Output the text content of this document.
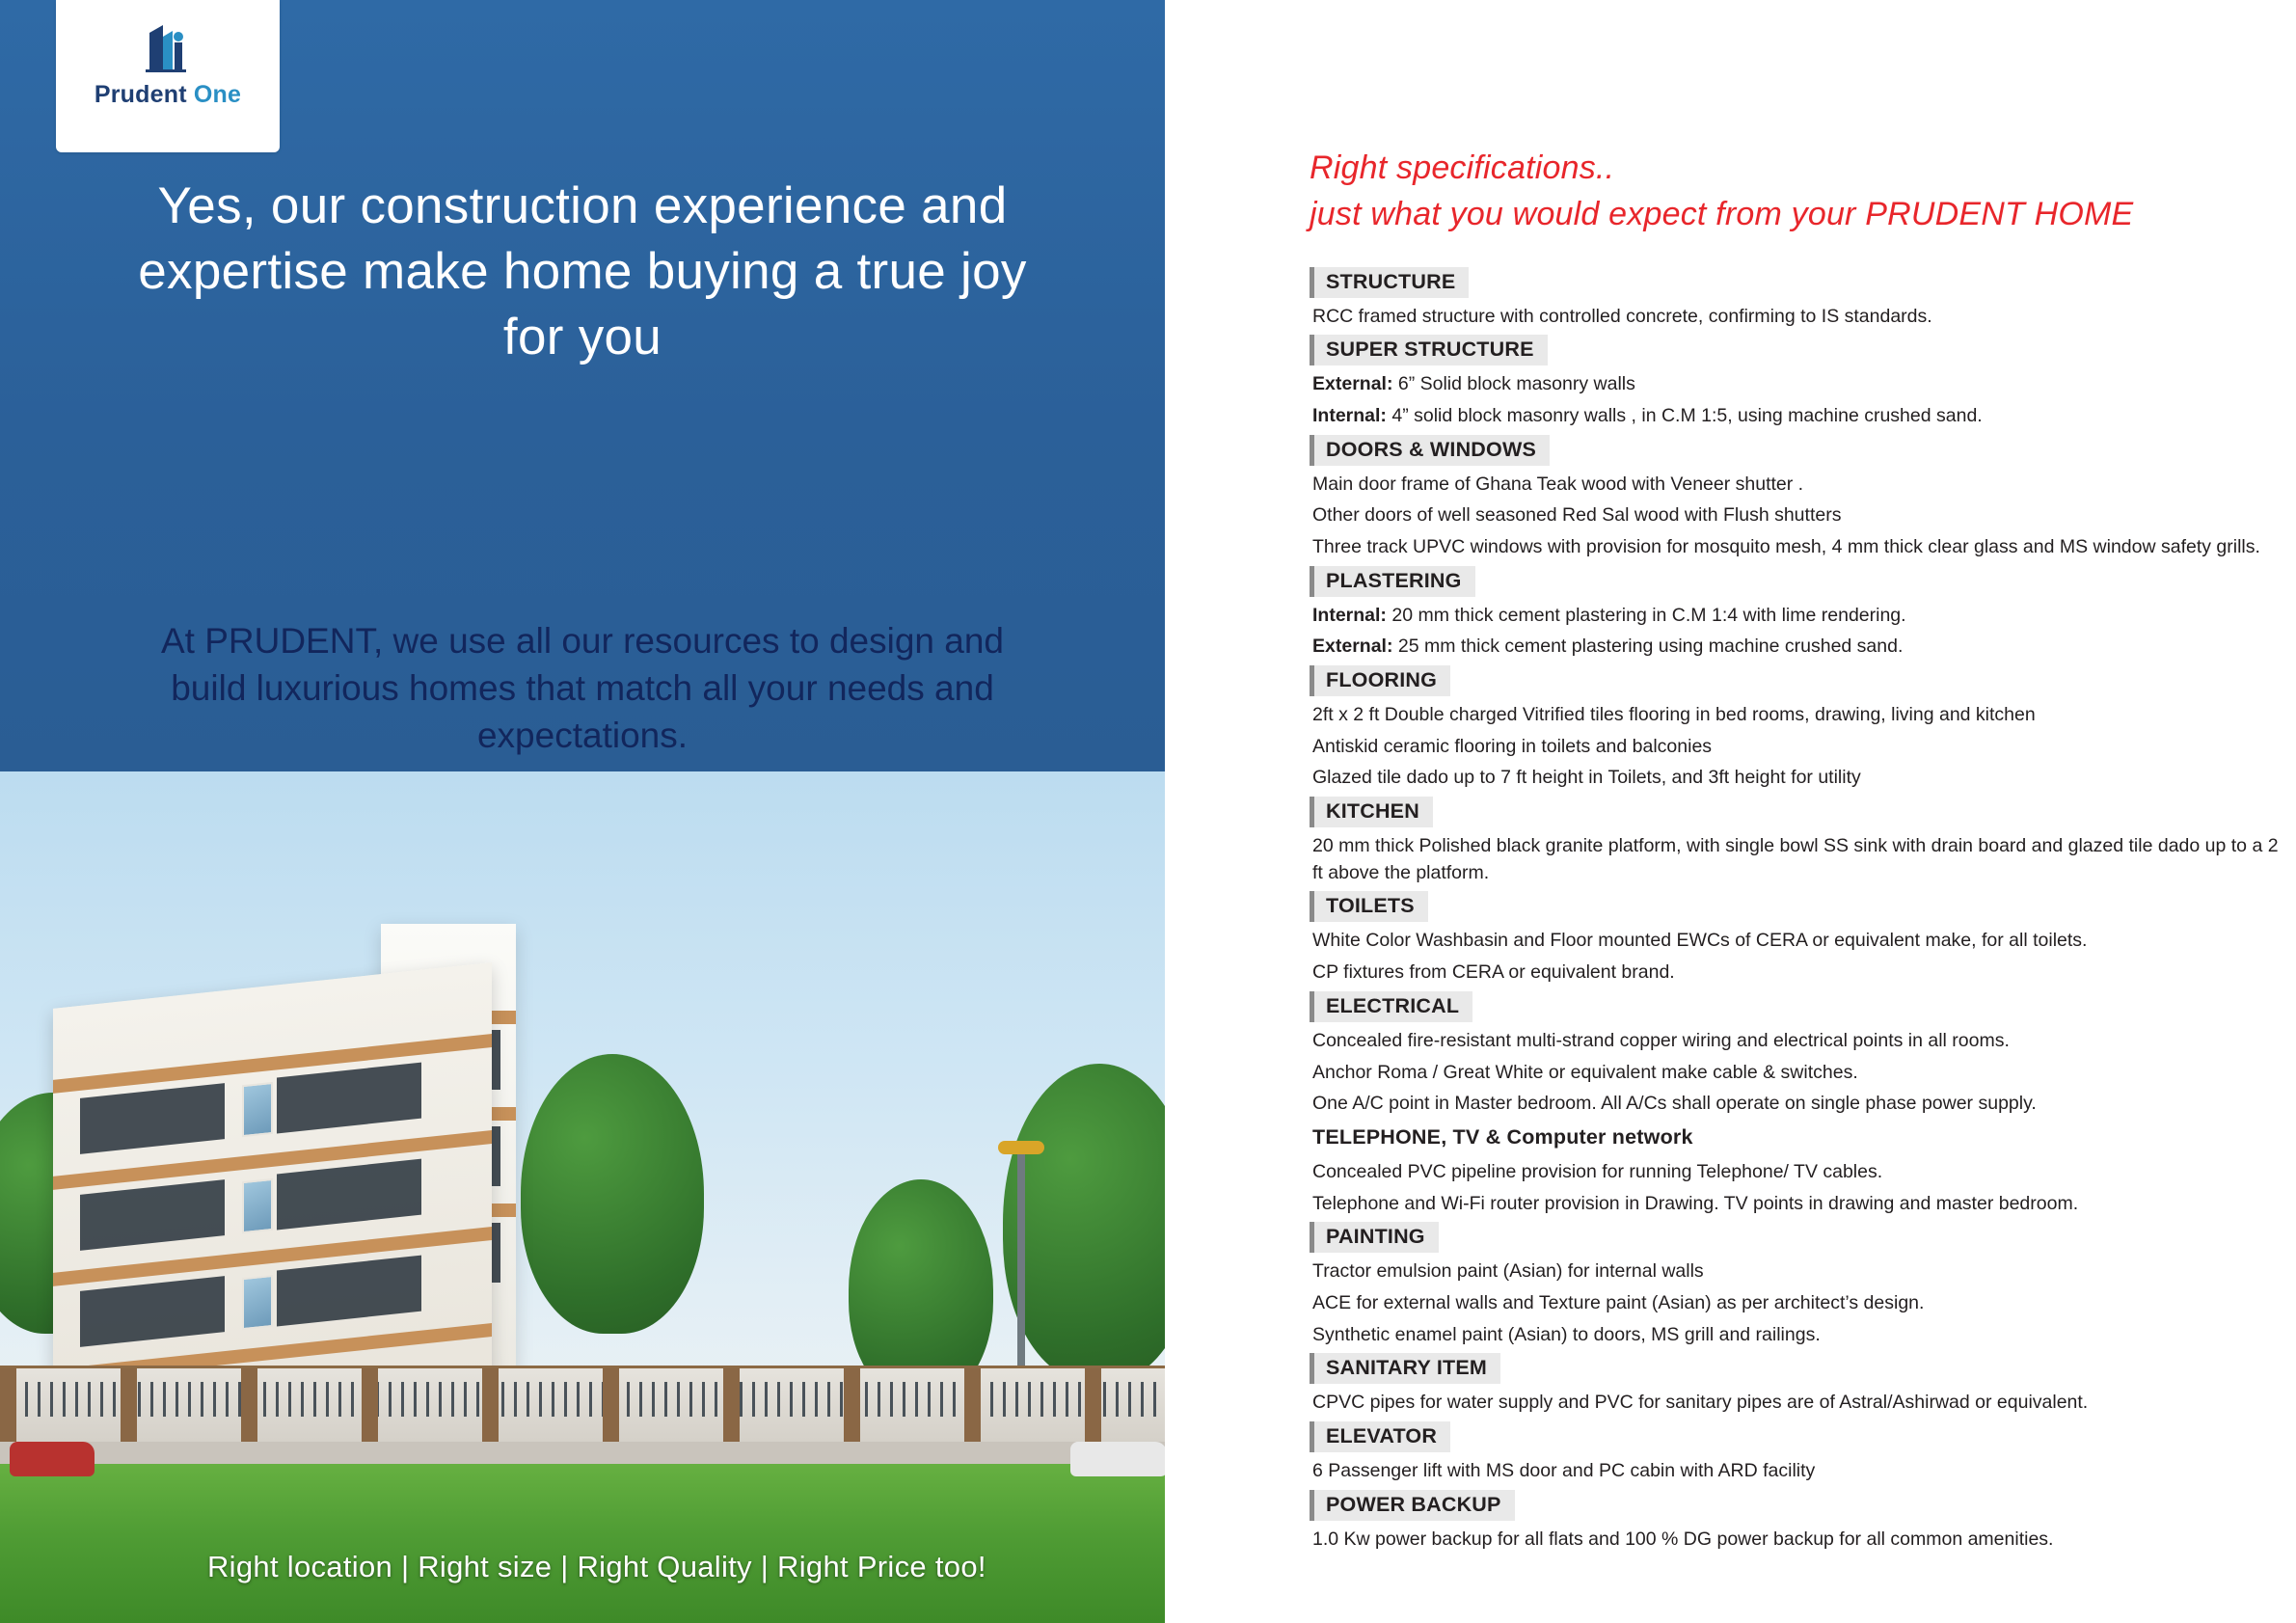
Prudent One
Yes, our construction experience and expertise make home buying a true joy for you
At PRUDENT, we use all our resources to design and build luxurious homes that match all your needs and expectations.
Right location | Right size | Right Quality | Right Price too!
Right specifications..
just what you would expect from your PRUDENT HOME
STRUCTURE
RCC framed structure with controlled concrete, confirming to IS standards.
SUPER STRUCTURE
External: 6” Solid block masonry walls
Internal: 4” solid block masonry walls , in C.M 1:5, using machine crushed sand.
DOORS & WINDOWS
Main door frame of Ghana Teak wood with Veneer shutter .
Other doors of well seasoned Red Sal wood with Flush shutters
Three track UPVC windows with provision for mosquito mesh, 4 mm thick clear glass and MS window safety grills.
PLASTERING
Internal: 20 mm thick cement plastering in C.M 1:4 with lime rendering.
External: 25 mm thick cement plastering using machine crushed sand.
FLOORING
2ft x 2 ft Double charged Vitrified tiles flooring in bed rooms, drawing, living and kitchen
Antiskid ceramic flooring in toilets and balconies
Glazed tile dado up to 7 ft height in Toilets, and 3ft height for utility
KITCHEN
20 mm thick Polished black granite platform, with single bowl SS sink with drain board and glazed tile dado up to a 2 ft above the platform.
TOILETS
White Color Washbasin and Floor mounted EWCs of CERA or equivalent make, for all toilets.
CP fixtures from CERA or equivalent brand.
ELECTRICAL
Concealed fire-resistant multi-strand copper wiring and electrical points in all rooms.
Anchor Roma / Great White or equivalent make cable & switches.
One A/C point in Master bedroom. All A/Cs shall operate on single phase power supply.
TELEPHONE, TV & Computer network
Concealed PVC pipeline provision for running Telephone/ TV cables.
Telephone and Wi-Fi router provision in Drawing. TV points in drawing and master bedroom.
PAINTING
Tractor emulsion paint (Asian) for internal walls
ACE for external walls and Texture paint (Asian) as per architect’s design.
Synthetic enamel paint (Asian) to doors, MS grill and railings.
SANITARY ITEM
CPVC pipes for water supply and PVC for sanitary pipes are of Astral/Ashirwad or equivalent.
ELEVATOR
6 Passenger lift with MS door and PC cabin with ARD facility
POWER BACKUP
1.0 Kw power backup for all flats and 100 % DG power backup for all common amenities.
